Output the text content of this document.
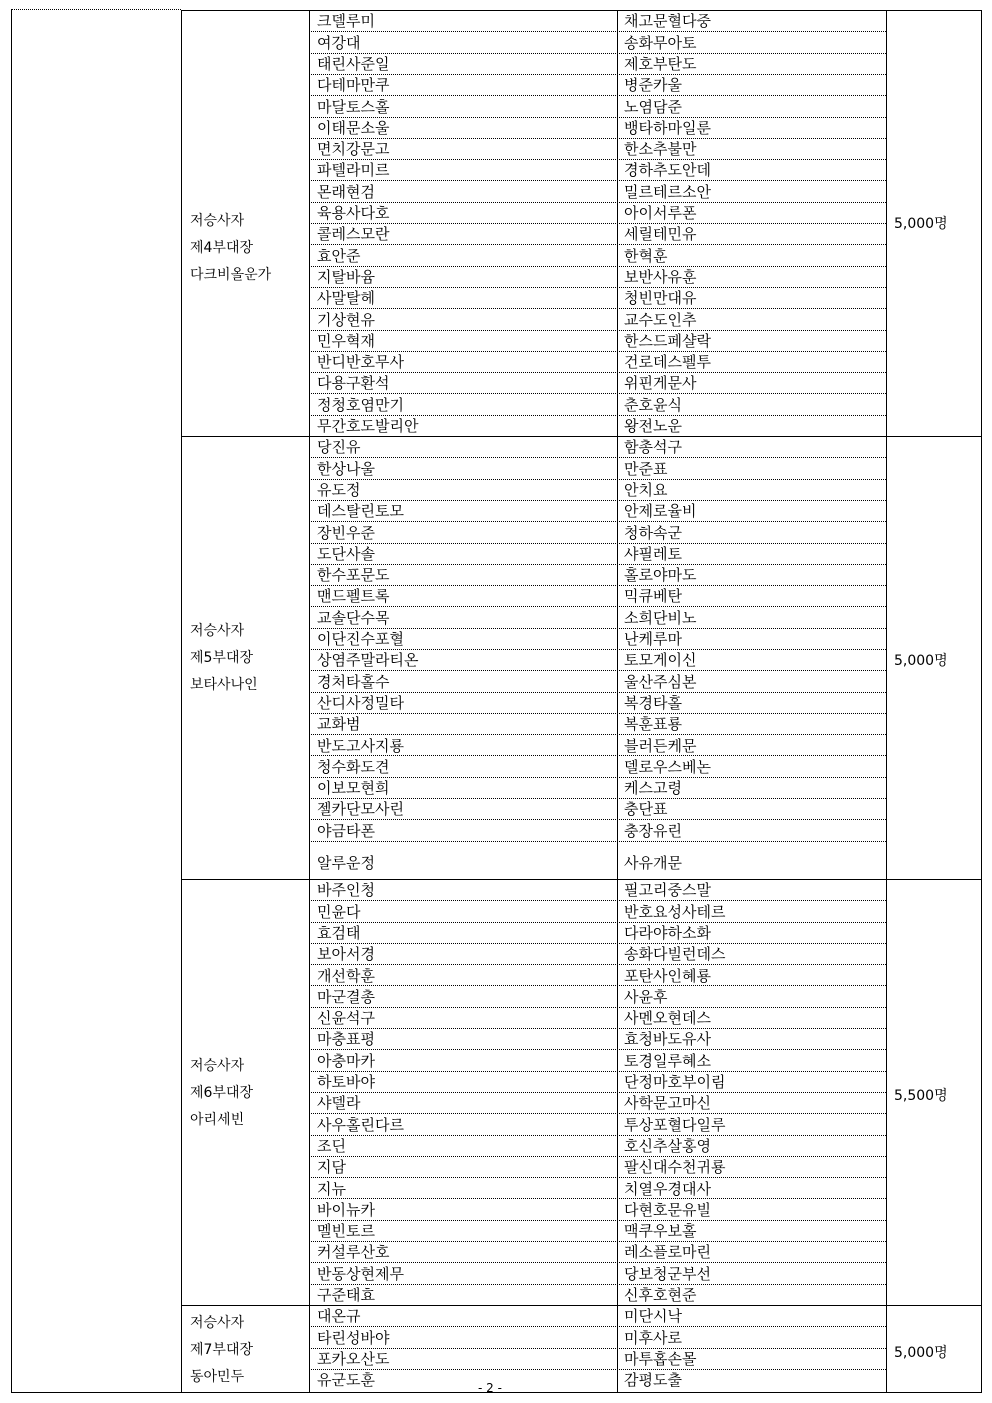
저승사자
제4부대장
다크비올운가
5,000명
크델루미	채고문혈다중
여강대	송화무아토
태린사준일	제호부탄도
다테마만쿠	병준카울
마달토스홀	노염담준
이태문소울	뱅타하마일룬
면치강문고	한소추불만
파텔라미르	경하추도안데
몬래현검	밀르테르소안
육용사다호	아이서루폰
콜레스모란	세릴테민유
효안준	한혁훈
지탈바윰	보반사유훈
사말탈헤	청빈만대유
기상현유	교수도인추
민우혁재	한스드페샬락
반디반호무사	건로데스펠투
다용구환석	위핀게문사
정청호염만기	춘호윤식
무간호도발리안	왕전노운
저승사자
제5부대장
보타사나인
5,000명
당진유	함총석구
한상나울	만준표
유도정	안치요
데스탈린토모	안제로율비
장빈우준	청하속군
도단사솔	샤필레토
한수포문도	홀로야마도
맨드펠트록	믹큐베탄
교솔단수목	소희단비노
이단진수포혈	난케루마
상염주말라티온	토모게이신
경처타홀수	울산주심본
산디사정밀타	복경타홀
교화범	복훈표룡
반도고사지룡	블러든케문
청수화도견	델로우스베논
이보모현희	케스고령
젤카단모사린	충단표
야금타폰	충장유린
알루운정	사유개문
저승사자
제6부대장
아리세빈
5,500명
바주인청	필고리중스말
민윤다	반호요성사테르
효검태	다라야하소화
보아서경	송화다빌런데스
개선학훈	포탄사인혜룡
마군결총	사윤후
신윤석구	사멘오현데스
마충표평	효청바도유사
아충마카	토경일루혜소
하토바야	단정마호부이림
샤델라	사학문고마신
사우홀린다르	투상포혈다일루
조딘	호신추살홍영
지담	팔신대수천귀룡
지뉴	치열우경대사
바이뉴카	다현호문유빌
멜빈토르	맥쿠우보홀
커설루산호	레소플로마린
반동상현제무	당보청군부선
구준태효	신후호현준
저승사자
제7부대장
동아민두
5,000명
대온규	미단시낙
타린성바야	미후사로
포카오산도	마투홉손몰
유군도훈	감평도출
- 2 -
